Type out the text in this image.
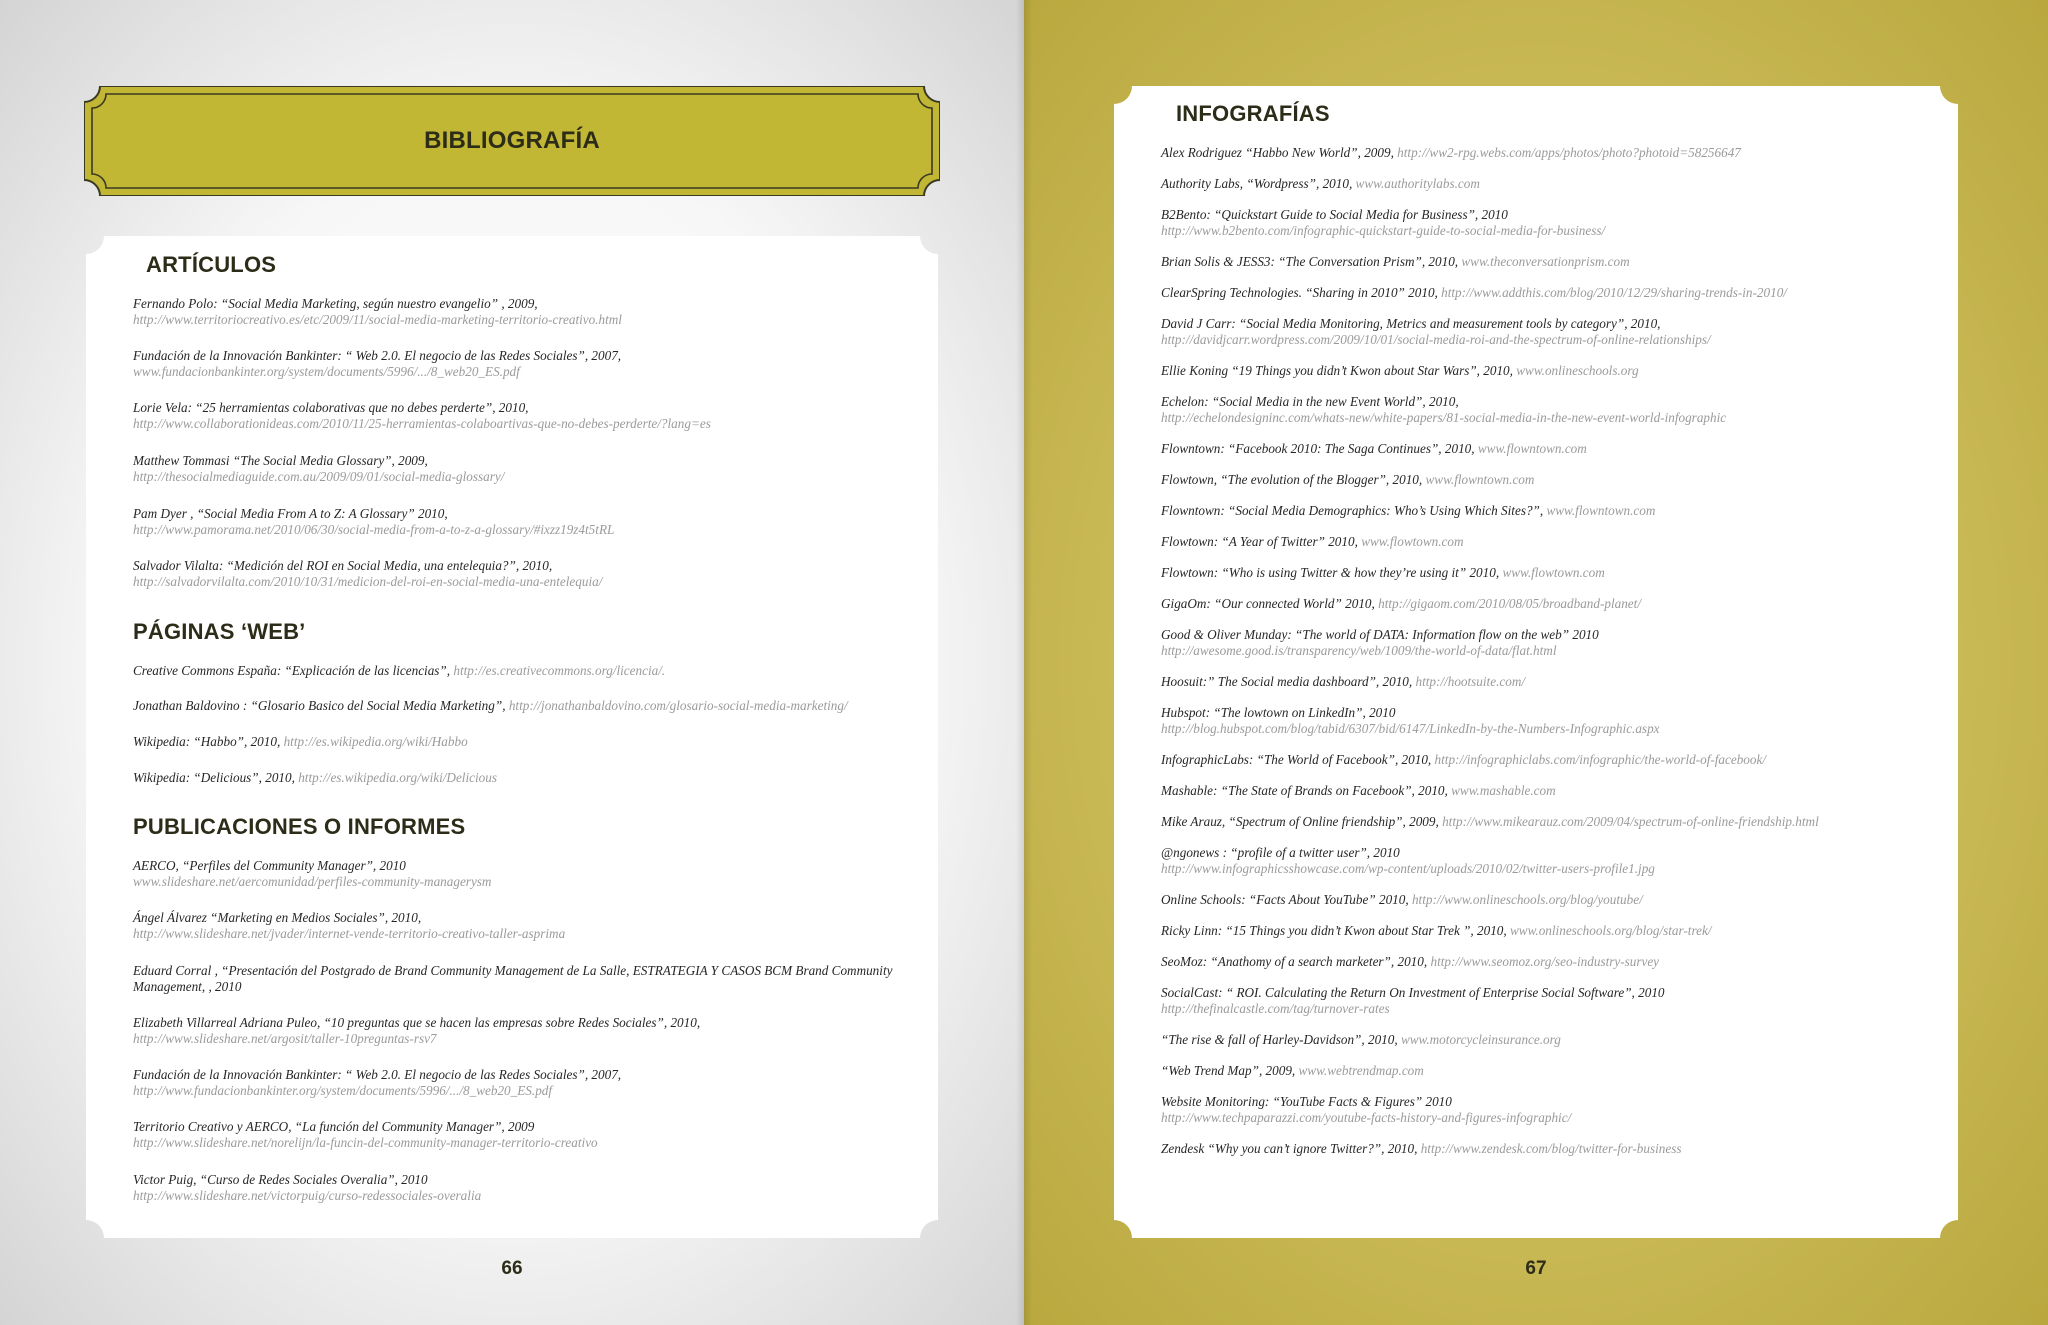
BIBLIOGRAFÍA
ARTÍCULOS
PÁGINAS ‘WEB’
PUBLICACIONES O INFORMES
Fernando Polo: “Social Media Marketing, según nuestro evangelio” , 2009,
http://www.territoriocreativo.es/etc/2009/11/social-media-marketing-territorio-creativo.html
Fundación de la Innovación Bankinter: “ Web 2.0. El negocio de las Redes Sociales”, 2007,
www.fundacionbankinter.org/system/documents/5996/.../8_web20_ES.pdf
Lorie Vela: “25 herramientas colaborativas que no debes perderte”, 2010,
http://www.collaborationideas.com/2010/11/25-herramientas-colaboartivas-que-no-debes-perderte/?lang=es
Matthew Tommasi “The Social Media Glossary”, 2009,
http://thesocialmediaguide.com.au/2009/09/01/social-media-glossary/
Pam Dyer , “Social Media From A to Z: A Glossary” 2010,
http://www.pamorama.net/2010/06/30/social-media-from-a-to-z-a-glossary/#ixzz19z4t5tRL
Salvador Vilalta: “Medición del ROI en Social Media, una entelequia?”, 2010,
http://salvadorvilalta.com/2010/10/31/medicion-del-roi-en-social-media-una-entelequia/
Creative Commons España: “Explicación de las licencias”, http://es.creativecommons.org/licencia/.
Jonathan Baldovino : “Glosario Basico del Social Media Marketing”, http://jonathanbaldovino.com/glosario-social-media-marketing/
Wikipedia: “Habbo”, 2010, http://es.wikipedia.org/wiki/Habbo
Wikipedia: “Delicious”, 2010, http://es.wikipedia.org/wiki/Delicious
AERCO, “Perfiles del Community Manager”, 2010
www.slideshare.net/aercomunidad/perfiles-community-managerysm
Ángel Álvarez “Marketing en Medios Sociales”, 2010,
http://www.slideshare.net/jvader/internet-vende-territorio-creativo-taller-asprima
Eduard Corral , “Presentación del Postgrado de Brand Community Management de La Salle, ESTRATEGIA Y CASOS BCM Brand Community Management, , 2010
Elizabeth Villarreal Adriana Puleo, “10 preguntas que se hacen las empresas sobre Redes Sociales”, 2010,
http://www.slideshare.net/argosit/taller-10preguntas-rsv7
Fundación de la Innovación Bankinter: “ Web 2.0. El negocio de las Redes Sociales”, 2007,
http://www.fundacionbankinter.org/system/documents/5996/.../8_web20_ES.pdf
Territorio Creativo y AERCO, “La función del Community Manager”, 2009
http://www.slideshare.net/norelijn/la-funcin-del-community-manager-territorio-creativo
Victor Puig, “Curso de Redes Sociales Overalia”, 2010
http://www.slideshare.net/victorpuig/curso-redessociales-overalia
66
INFOGRAFÍAS
Alex Rodriguez “Habbo New World”, 2009, http://ww2-rpg.webs.com/apps/photos/photo?photoid=58256647
Authority Labs, “Wordpress”, 2010, www.authoritylabs.com
B2Bento: “Quickstart Guide to Social Media for Business”, 2010
http://www.b2bento.com/infographic-quickstart-guide-to-social-media-for-business/
Brian Solis & JESS3: “The Conversation Prism”, 2010, www.theconversationprism.com
ClearSpring Technologies. “Sharing in 2010” 2010, http://www.addthis.com/blog/2010/12/29/sharing-trends-in-2010/
David J Carr: “Social Media Monitoring, Metrics and measurement tools by category”, 2010,
http://davidjcarr.wordpress.com/2009/10/01/social-media-roi-and-the-spectrum-of-online-relationships/
Ellie Koning “19 Things you didn’t Kwon about Star Wars”, 2010, www.onlineschools.org
Echelon: “Social Media in the new Event World”, 2010,
http://echelondesigninc.com/whats-new/white-papers/81-social-media-in-the-new-event-world-infographic
Flowntown: “Facebook 2010: The Saga Continues”, 2010, www.flowntown.com
Flowtown, “The evolution of the Blogger”, 2010, www.flowntown.com
Flowntown: “Social Media Demographics: Who’s Using Which Sites?”, www.flowntown.com
Flowtown: “A Year of Twitter” 2010, www.flowtown.com
Flowtown: “Who is using Twitter & how they’re using it” 2010, www.flowtown.com
GigaOm: “Our connected World” 2010, http://gigaom.com/2010/08/05/broadband-planet/
Good & Oliver Munday: “The world of DATA: Information flow on the web” 2010
http://awesome.good.is/transparency/web/1009/the-world-of-data/flat.html
Hoosuit:” The Social media dashboard”, 2010, http://hootsuite.com/
Hubspot: “The lowtown on LinkedIn”, 2010
http://blog.hubspot.com/blog/tabid/6307/bid/6147/LinkedIn-by-the-Numbers-Infographic.aspx
InfographicLabs: “The World of Facebook”, 2010, http://infographiclabs.com/infographic/the-world-of-facebook/
Mashable: “The State of Brands on Facebook”, 2010, www.mashable.com
Mike Arauz, “Spectrum of Online friendship”, 2009, http://www.mikearauz.com/2009/04/spectrum-of-online-friendship.html
@ngonews : “profile of a twitter user”, 2010
http://www.infographicsshowcase.com/wp-content/uploads/2010/02/twitter-users-profile1.jpg
Online Schools: “Facts About YouTube” 2010, http://www.onlineschools.org/blog/youtube/
Ricky Linn: “15 Things you didn’t Kwon about Star Trek ”, 2010, www.onlineschools.org/blog/star-trek/
SeoMoz: “Anathomy of a search marketer”, 2010, http://www.seomoz.org/seo-industry-survey
SocialCast: “ ROI. Calculating the Return On Investment of Enterprise Social Software”, 2010
http://thefinalcastle.com/tag/turnover-rates
“The rise & fall of Harley-Davidson”, 2010, www.motorcycleinsurance.org
“Web Trend Map”, 2009, www.webtrendmap.com
Website Monitoring: “YouTube Facts & Figures” 2010
http://www.techpaparazzi.com/youtube-facts-history-and-figures-infographic/
Zendesk “Why you can’t ignore Twitter?”, 2010, http://www.zendesk.com/blog/twitter-for-business
67
